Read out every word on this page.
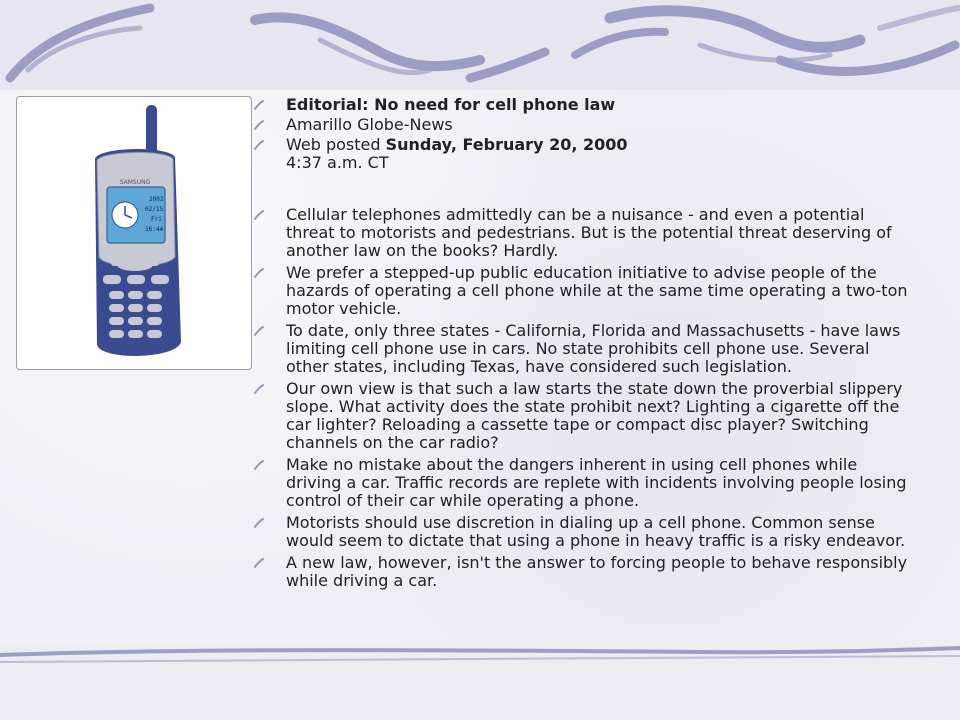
SAMSUNG
2002
02/15
Fri
16:44
Editorial: No need for cell phone law
Amarillo Globe-News
Web posted Sunday, February 20, 2000
4:37 a.m. CT
Cellular telephones admittedly can be a nuisance - and even a potential threat to motorists and pedestrians. But is the potential threat deserving of another law on the books? Hardly.
We prefer a stepped-up public education initiative to advise people of the hazards of operating a cell phone while at the same time operating a two-ton motor vehicle.
To date, only three states - California, Florida and Massachusetts - have laws limiting cell phone use in cars. No state prohibits cell phone use. Several other states, including Texas, have considered such legislation.
Our own view is that such a law starts the state down the proverbial slippery slope. What activity does the state prohibit next? Lighting a cigarette off the car lighter? Reloading a cassette tape or compact disc player? Switching channels on the car radio?
Make no mistake about the dangers inherent in using cell phones while driving a car. Traffic records are replete with incidents involving people losing control of their car while operating a phone.
Motorists should use discretion in dialing up a cell phone. Common sense would seem to dictate that using a phone in heavy traffic is a risky endeavor.
A new law, however, isn't the answer to forcing people to behave responsibly while driving a car.
